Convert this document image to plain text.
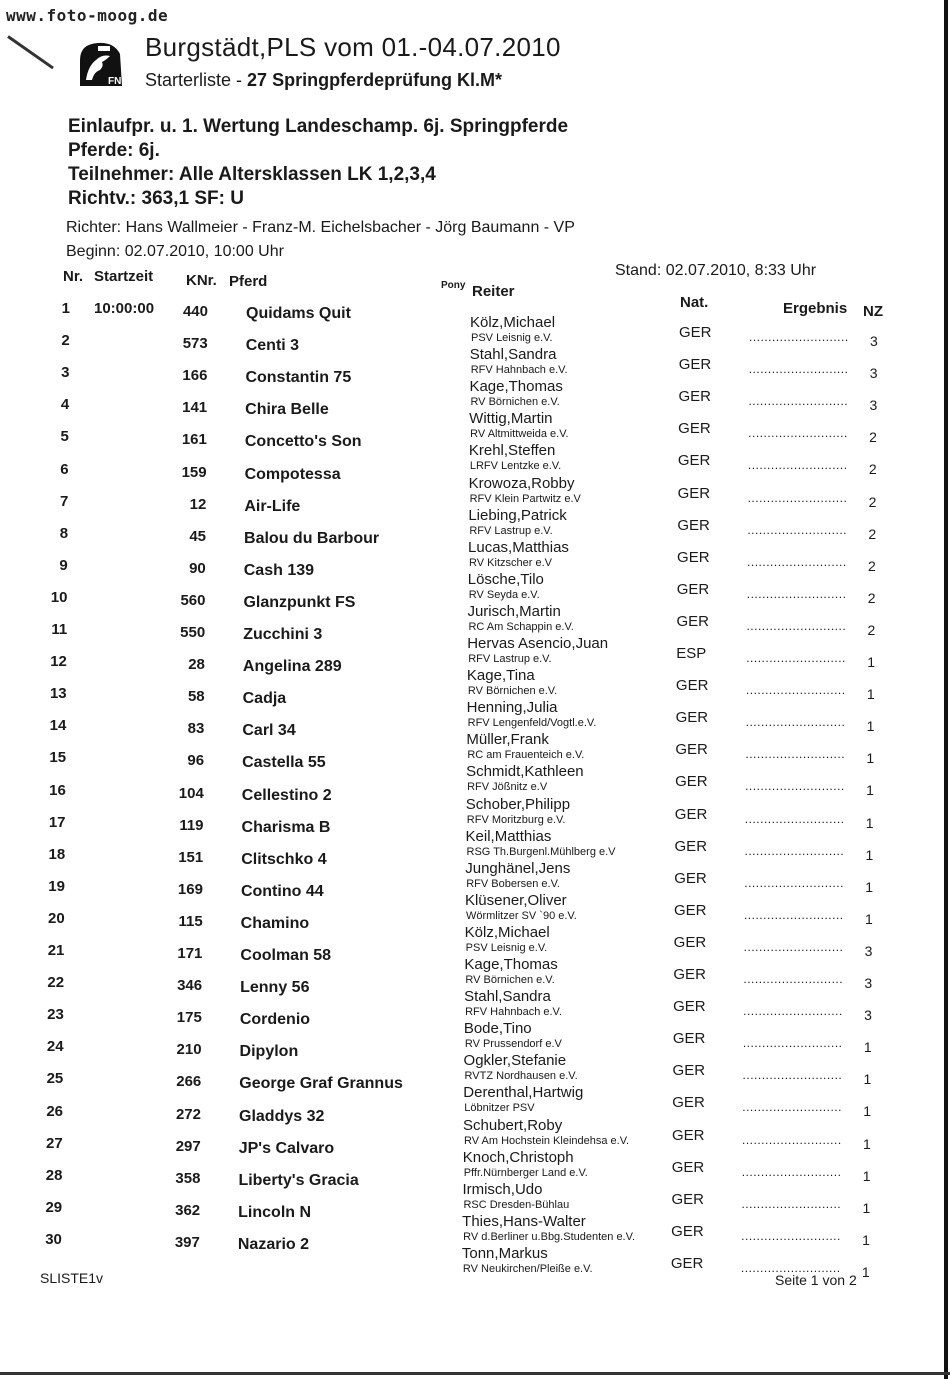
www.foto-moog.de
FN
Burgstädt,PLS vom 01.-04.07.2010
Starterliste - 27 Springpferdeprüfung Kl.M*
Einlaufpr. u. 1. Wertung Landeschamp. 6j. Springpferde
Pferde: 6j.
Teilnehmer: Alle Altersklassen LK 1,2,3,4
Richtv.: 363,1 SF: U
Richter: Hans Wallmeier - Franz-M. Eichelsbacher - Jörg Baumann - VP
Beginn: 02.07.2010, 10:00 Uhr
Stand: 02.07.2010, 8:33 Uhr
Nr. Startzeit KNr. Pferd	Pony Reiter
Nat.	Ergebnis NZ
1 10:00:00	440 Quidams Quit
Kölz,Michael
PSV Leisnig e.V.	GER	3
..........................
2	573 Centi 3
Stahl,Sandra
RFV Hahnbach e.V.	GER	3
..........................
3	166 Constantin 75
Kage,Thomas
RV Börnichen e.V.	GER	3
..........................
4	141 Chira Belle
Wittig,Martin
RV Altmittweida e.V.	GER	2
..........................
5	161 Concetto's Son
Krehl,Steffen
LRFV Lentzke e.V.	GER	2
..........................
6	159 Compotessa
Krowoza,Robby
RFV Klein Partwitz e.V	GER	2
..........................
7	12 Air-Life
Liebing,Patrick
RFV Lastrup e.V.	GER	2
..........................
8	45 Balou du Barbour
Lucas,Matthias
RV Kitzscher e.V	GER	2
..........................
9	90 Cash 139
Lösche,Tilo
RV Seyda e.V.	GER	2
..........................
10	560 Glanzpunkt FS
Jurisch,Martin
RC Am Schappin e.V.	GER	2
..........................
11	550 Zucchini 3
Hervas Asencio,Juan
RFV Lastrup e.V.	ESP	1
..........................
12	28 Angelina 289
Kage,Tina
RV Börnichen e.V.	GER	1
..........................
13	58 Cadja
Henning,Julia
RFV Lengenfeld/Vogtl.e.V.	GER	1
..........................
14	83 Carl 34
Müller,Frank
RC am Frauenteich e.V.	GER	1
..........................
15	96 Castella 55
Schmidt,Kathleen
RFV Jößnitz e.V	GER	1
..........................
16	104 Cellestino 2
Schober,Philipp
RFV Moritzburg e.V.	GER	1
..........................
17	119 Charisma B
Keil,Matthias
RSG Th.Burgenl.Mühlberg e.V	GER	1
..........................
18	151 Clitschko 4
Junghänel,Jens
RFV Bobersen e.V.	GER	1
..........................
19	169 Contino 44
Klüsener,Oliver
Wörmlitzer SV `90 e.V.	GER	1
..........................
20	115 Chamino
Kölz,Michael
PSV Leisnig e.V.	GER	3
..........................
21	171 Coolman 58
Kage,Thomas
RV Börnichen e.V.	GER	3
..........................
22	346 Lenny 56
Stahl,Sandra
RFV Hahnbach e.V.	GER	3
..........................
23	175 Cordenio
Bode,Tino
RV Prussendorf e.V	GER	1
..........................
24	210 Dipylon
Ogkler,Stefanie
RVTZ Nordhausen e.V.	GER	1
..........................
25	266 George Graf Grannus
Derenthal,Hartwig
Löbnitzer PSV	GER	1
..........................
26	272 Gladdys 32
Schubert,Roby
RV Am Hochstein Kleindehsa e.V.	GER	1
..........................
27	297 JP's Calvaro
Knoch,Christoph
Pffr.Nürnberger Land e.V.	GER	1
..........................
28	358 Liberty's Gracia
Irmisch,Udo
RSC Dresden-Bühlau	GER	1
..........................
29	362 Lincoln N
Thies,Hans-Walter
RV d.Berliner u.Bbg.Studenten e.V. GER	1
..........................
30	397 Nazario 2
Tonn,Markus
RV Neukirchen/Pleiße e.V.	GER	1
..........................
SLISTE1v	Seite 1 von 2
